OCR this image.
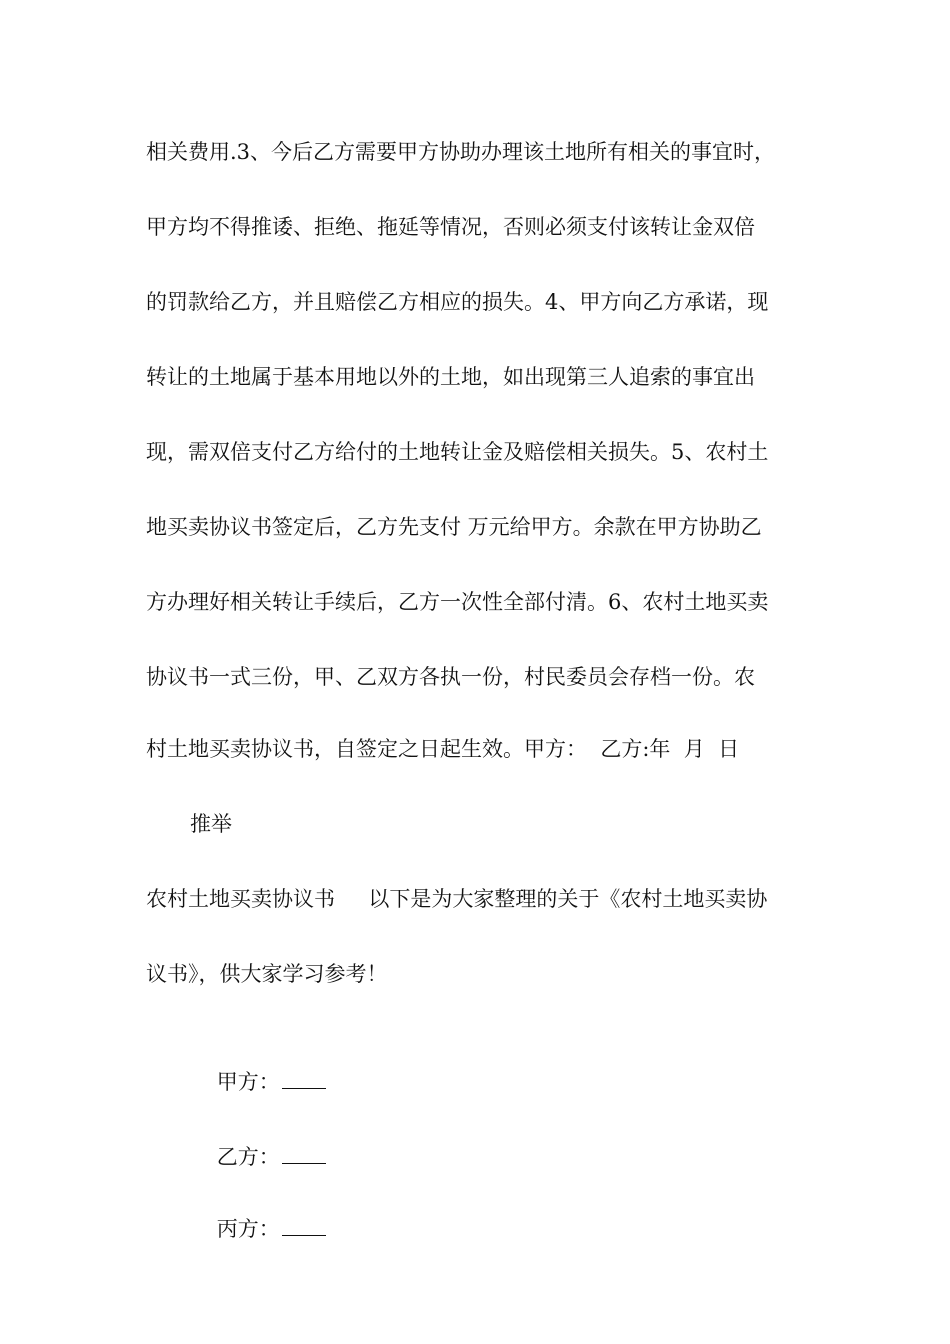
相关费用.3、今后乙方需要甲方协助办理该土地所有相关的事宜时，
甲方均不得推诿、拒绝、拖延等情况，否则必须支付该转让金双倍
的罚款给乙方，并且赔偿乙方相应的损失。4、甲方向乙方承诺，现
转让的土地属于基本用地以外的土地，如出现第三人追索的事宜出
现，需双倍支付乙方给付的土地转让金及赔偿相关损失。5、农村土
地买卖协议书签定后，乙方先支付 万元给甲方。余款在甲方协助乙
方办理好相关转让手续后，乙方一次性全部付清。6、农村土地买卖
协议书一式三份，甲、乙双方各执一份，村民委员会存档一份。农
村土地买卖协议书，自签定之日起生效。甲方：  乙方:年  月  日
推举
农村土地买卖协议书     以下是为大家整理的关于《农村土地买卖协
议书》，供大家学习参考！

甲方：

乙方：

丙方：
